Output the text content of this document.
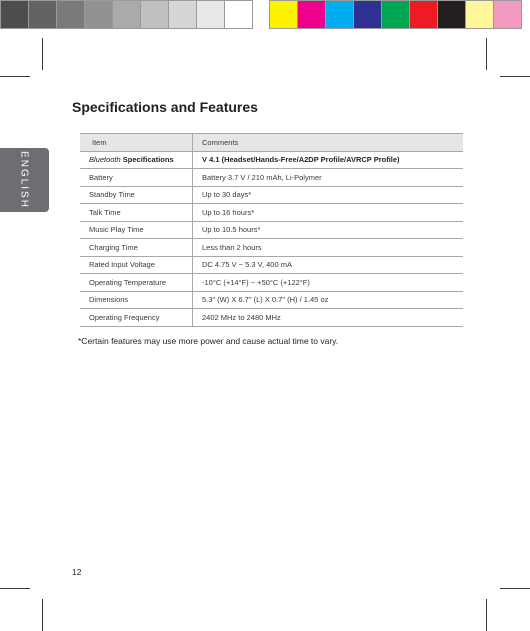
ENGLISH
Specifications and Features
Item	Comments
Bluetooth Specifications	V 4.1 (Headset/Hands-Free/A2DP Profile/AVRCP Profile)
Battery	Battery 3.7 V / 210 mAh, Li-Polymer
Standby Time	Up to 30 days*
Talk Time	Up to 16 hours*
Music Play Time	Up to 10.5 hours*
Charging Time	Less than 2 hours
Rated Input Voltage	DC 4.75 V ~ 5.3 V, 400 mA
Operating Temperature	-10°C (+14°F) ~ +50°C (+122°F)
Dimensions	5.3" (W) X 6.7" (L) X 0.7" (H) / 1.45 oz
Operating Frequency	2402 MHz to 2480 MHz
*Certain features may use more power and cause actual time to vary.
12
